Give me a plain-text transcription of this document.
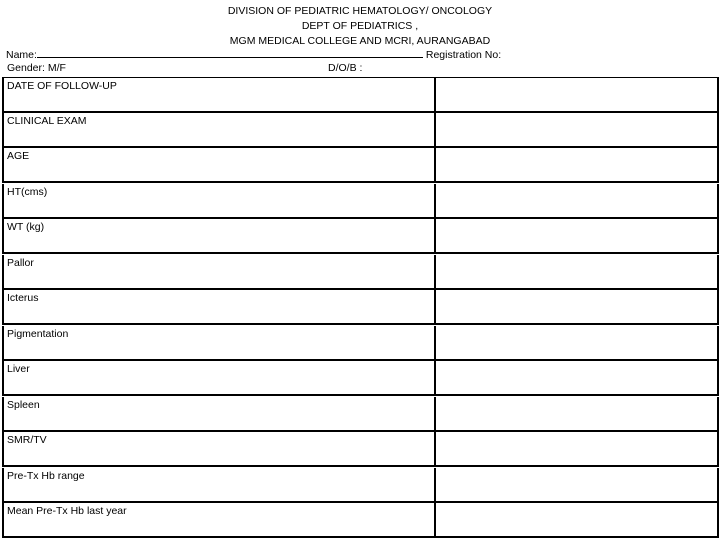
DIVISION OF PEDIATRIC HEMATOLOGY/ ONCOLOGY
DEPT OF PEDIATRICS ,
MGM MEDICAL COLLEGE AND MCRI, AURANGABAD
Name:	Registration No:
Gender: M/F	D/O/B :
DATE OF FOLLOW-UP
CLINICAL EXAM
AGE
HT(cms)
WT (kg)
Pallor
Icterus
Pigmentation
Liver
Spleen
SMR/TV
Pre-Tx Hb range
Mean Pre-Tx Hb last year
